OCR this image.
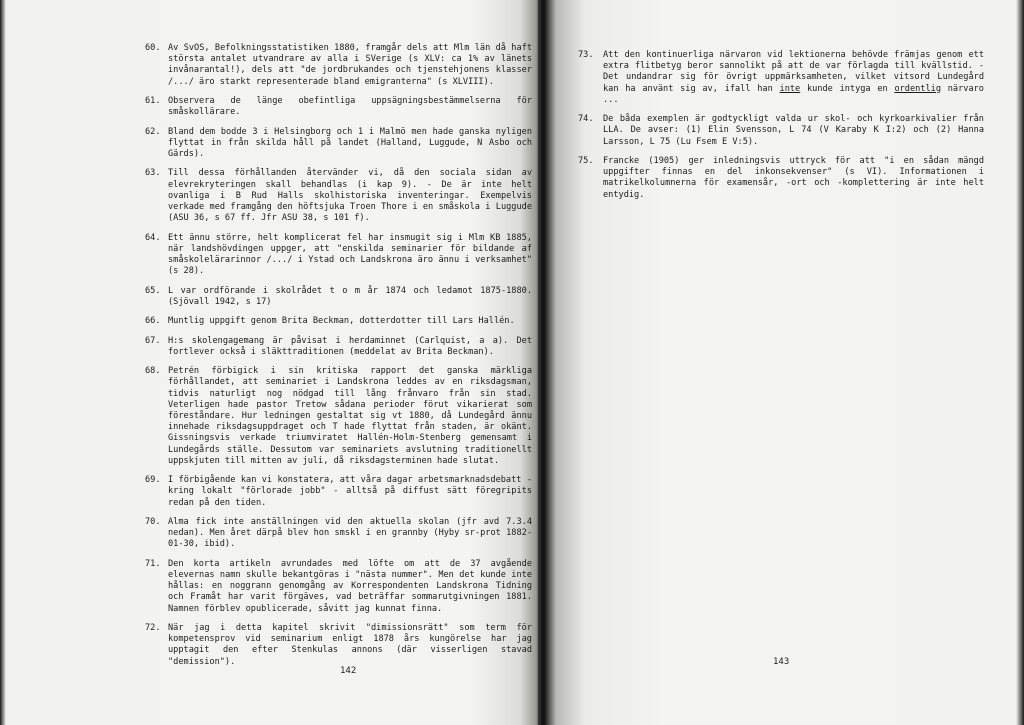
60. Av SvOS, Befolkningsstatistiken 1880, framgår dels att Mlm län då haft största antalet utvandrare av alla i SVerige (s XLV: ca 1% av länets invånarantal!), dels att "de jordbrukandes och tjenstehjonens klasser /.../ äro starkt representerade bland emigranterna" (s XLVIII).
61. Observera de länge obefintliga uppsägningsbestämmelserna för småskollärare.
62. Bland dem bodde 3 i Helsingborg och 1 i Malmö men hade ganska nyligen flyttat in från skilda håll på landet (Halland, Luggude, N Asbo och Gärds).
63. Till dessa förhållanden återvänder vi, då den sociala sidan av elevrekryteringen skall behandlas (i kap 9). - De är inte helt ovanliga i B Rud Halls skolhistoriska inventeringar. Exempelvis verkade med framgång den höftsjuka Troen Thore i en småskola i Luggude (ASU 36, s 67 ff. Jfr ASU 38, s 101 f).
64. Ett ännu större, helt komplicerat fel har insmugit sig i Mlm KB 1885, när landshövdingen uppger, att "enskilda seminarier för bildande af småskolelärarinnor /.../ i Ystad och Landskrona äro ännu i verksamhet" (s 28).
65. L var ordförande i skolrådet t o m år 1874 och ledamot 1875-1880. (Sjövall 1942, s 17)
66. Muntlig uppgift genom Brita Beckman, dotterdotter till Lars Hallén.
67. H:s skolengagemang är påvisat i herdaminnet (Carlquist, a a). Det fortlever också i släkttraditionen (meddelat av Brita Beckman).
68. Petrén förbigick i sin kritiska rapport det ganska märkliga förhållandet, att seminariet i Landskrona leddes av en riksdagsman, tidvis naturligt nog nödgad till lång frånvaro från sin stad. Veterligen hade pastor Tretow sådana perioder förut vikarierat som föreståndare. Hur ledningen gestaltat sig vt 1880, då Lundegård ännu innehade riksdagsuppdraget och T hade flyttat från staden, är okänt. Gissningsvis verkade triumviratet Hallén-Holm-Stenberg gemensamt i Lundegårds ställe. Dessutom var seminariets avslutning traditionellt uppskjuten till mitten av juli, då riksdagsterminen hade slutat.
69. I förbigående kan vi konstatera, att våra dagar arbetsmarknadsdebatt - kring lokalt "förlorade jobb" - alltså på diffust sätt föregripits redan på den tiden.
70. Alma fick inte anställningen vid den aktuella skolan (jfr avd 7.3.4 nedan). Men året därpå blev hon smskl i en grannby (Hyby sr-prot 1882-01-30, ibid).
71. Den korta artikeln avrundades med löfte om att de 37 avgående elevernas namn skulle bekantgöras i "nästa nummer". Men det kunde inte hållas: en noggrann genomgång av Korrespondenten Landskrona Tidning och Framåt har varit förgäves, vad beträffar sommarutgivningen 1881. Namnen förblev opublicerade, såvitt jag kunnat finna.
72. När jag i detta kapitel skrivit "dimissionsrätt" som term för kompetensprov vid seminarium enligt 1878 års kungörelse har jag upptagit den efter Stenkulas annons (där visserligen stavad "demission").
142
73.	Att den kontinuerliga närvaron vid lektionerna behövde främjas genom ett extra flitbetyg beror sannolikt på att de var förlagda till kvällstid. - Det undandrar sig för övrigt uppmärksamheten, vilket vitsord Lundegård kan ha använt sig av, ifall han inte kunde intyga en ordentlig närvaro ...
74.	De båda exemplen är godtyckligt valda ur skol- och kyrkoarkivalier från LLA. De avser: (1) Elin Svensson, L 74 (V Karaby K I:2) och (2) Hanna Larsson, L 75 (Lu Fsem E V:5).
75.	Francke (1905) ger inledningsvis uttryck för att "i en sådan mängd uppgifter finnas en del inkonsekvenser" (s VI). Informationen i matrikelkolumnerna för examensår, -ort och -komplettering är inte helt entydig.
143
